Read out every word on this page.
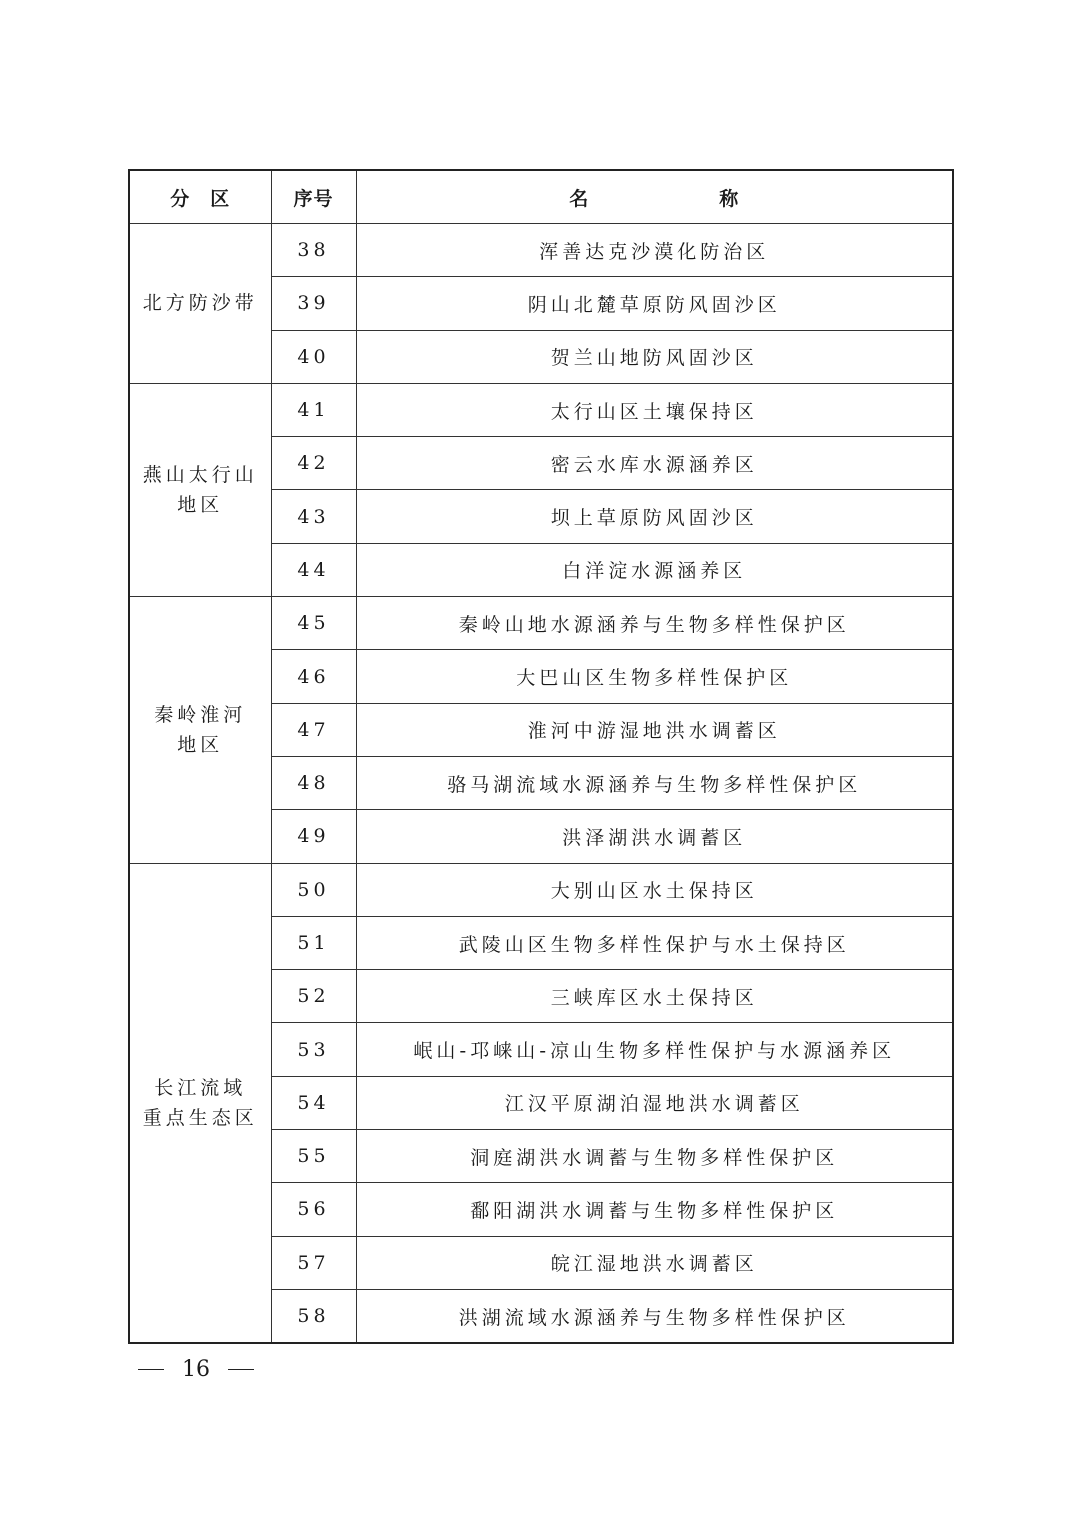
分　区	序号	名 称

北方防沙带	38	浑善达克沙漠化防治区
	39	阴山北麓草原防风固沙区
	40	贺兰山地防风固沙区

燕山太行山
地区	41	太行山区土壤保持区
	42	密云水库水源涵养区
	43	坝上草原防风固沙区
	44	白洋淀水源涵养区

秦岭淮河
地区	45	秦岭山地水源涵养与生物多样性保护区
	46	大巴山区生物多样性保护区
	47	淮河中游湿地洪水调蓄区
	48	骆马湖流域水源涵养与生物多样性保护区
	49	洪泽湖洪水调蓄区

长江流域
重点生态区	50	大别山区水土保持区
	51	武陵山区生物多样性保护与水土保持区
	52	三峡库区水土保持区
	53	岷山-邛崃山-凉山生物多样性保护与水源涵养区
	54	江汉平原湖泊湿地洪水调蓄区
	55	洞庭湖洪水调蓄与生物多样性保护区
	56	鄱阳湖洪水调蓄与生物多样性保护区
	57	皖江湿地洪水调蓄区
	58	洪湖流域水源涵养与生物多样性保护区
16
